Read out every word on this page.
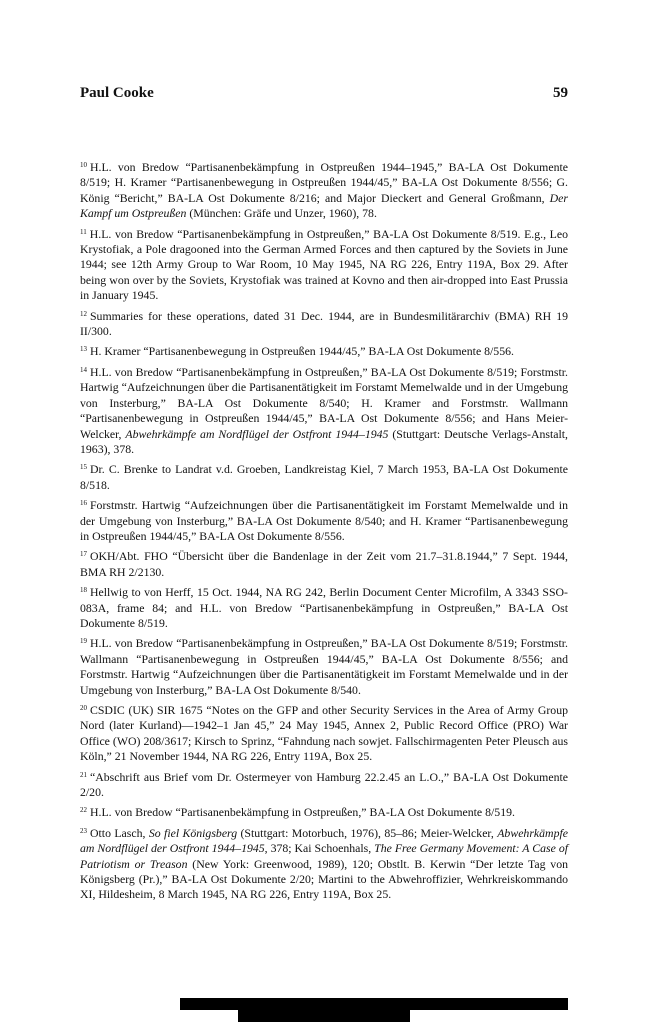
Paul Cooke	59

$^{10}$ H.L. von Bredow “Partisanenbekämpfung in Ostpreußen 1944–1945,” BA-LA Ost Dokumente 8/519; H. Kramer “Partisanenbewegung in Ostpreußen 1944/45,” BA-LA Ost Dokumente 8/556; G. König “Bericht,” BA-LA Ost Dokumente 8/216; and Major Dieckert and General Großmann, Der Kampf um Ostpreußen (München: Gräfe und Unzer, 1960), 78.

$^{11}$ H.L. von Bredow “Partisanenbekämpfung in Ostpreußen,” BA-LA Ost Dokumente 8/519. E.g., Leo Krystofiak, a Pole dragooned into the German Armed Forces and then captured by the Soviets in June 1944; see 12th Army Group to War Room, 10 May 1945, NA RG 226, Entry 119A, Box 29. After being won over by the Soviets, Krystofiak was trained at Kovno and then air-dropped into East Prussia in January 1945.

$^{12}$ Summaries for these operations, dated 31 Dec. 1944, are in Bundesmilitärarchiv (BMA) RH 19 II/300.

$^{13}$ H. Kramer “Partisanenbewegung in Ostpreußen 1944/45,” BA-LA Ost Dokumente 8/556.

$^{14}$ H.L. von Bredow “Partisanenbekämpfung in Ostpreußen,” BA-LA Ost Dokumente 8/519; Forstmstr. Hartwig “Aufzeichnungen über die Partisanentätigkeit im Forstamt Memelwalde und in der Umgebung von Insterburg,” BA-LA Ost Dokumente 8/540; H. Kramer and Forstmstr. Wallmann “Partisanenbewegung in Ostpreußen 1944/45,” BA-LA Ost Dokumente 8/556; and Hans Meier-Welcker, Abwehrkämpfe am Nordflügel der Ostfront 1944–1945 (Stuttgart: Deutsche Verlags-Anstalt, 1963), 378.

$^{15}$ Dr. C. Brenke to Landrat v.d. Groeben, Landkreistag Kiel, 7 March 1953, BA-LA Ost Dokumente 8/518.

$^{16}$ Forstmstr. Hartwig “Aufzeichnungen über die Partisanentätigkeit im Forstamt Memelwalde und in der Umgebung von Insterburg,” BA-LA Ost Dokumente 8/540; and H. Kramer “Partisanenbewegung in Ostpreußen 1944/45,” BA-LA Ost Dokumente 8/556.

$^{17}$ OKH/Abt. FHO “Übersicht über die Bandenlage in der Zeit vom 21.7–31.8.1944,” 7 Sept. 1944, BMA RH 2/2130.

$^{18}$ Hellwig to von Herff, 15 Oct. 1944, NA RG 242, Berlin Document Center Microfilm, A 3343 SSO-083A, frame 84; and H.L. von Bredow “Partisanenbekämpfung in Ostpreußen,” BA-LA Ost Dokumente 8/519.

$^{19}$ H.L. von Bredow “Partisanenbekämpfung in Ostpreußen,” BA-LA Ost Dokumente 8/519; Forstmstr. Wallmann “Partisanenbewegung in Ostpreußen 1944/45,” BA-LA Ost Dokumente 8/556; and Forstmstr. Hartwig “Aufzeichnungen über die Partisanentätigkeit im Forstamt Memelwalde und in der Umgebung von Insterburg,” BA-LA Ost Dokumente 8/540.

$^{20}$ CSDIC (UK) SIR 1675 “Notes on the GFP and other Security Services in the Area of Army Group Nord (later Kurland)—1942–1 Jan 45,” 24 May 1945, Annex 2, Public Record Office (PRO) War Office (WO) 208/3617; Kirsch to Sprinz, “Fahndung nach sowjet. Fallschirmagenten Peter Pleusch aus Köln,” 21 November 1944, NA RG 226, Entry 119A, Box 25.

$^{21}$ “Abschrift aus Brief vom Dr. Ostermeyer von Hamburg 22.2.45 an L.O.,” BA-LA Ost Dokumente 2/20.

$^{22}$ H.L. von Bredow “Partisanenbekämpfung in Ostpreußen,” BA-LA Ost Dokumente 8/519.

$^{23}$ Otto Lasch, So fiel Königsberg (Stuttgart: Motorbuch, 1976), 85–86; Meier-Welcker, Abwehrkämpfe am Nordflügel der Ostfront 1944–1945, 378; Kai Schoenhals, The Free Germany Movement: A Case of Patriotism or Treason (New York: Greenwood, 1989), 120; Obstlt. B. Kerwin “Der letzte Tag von Königsberg (Pr.),” BA-LA Ost Dokumente 2/20; Martini to the Abwehroffizier, Wehrkreiskommando XI, Hildesheim, 8 March 1945, NA RG 226, Entry 119A, Box 25.
